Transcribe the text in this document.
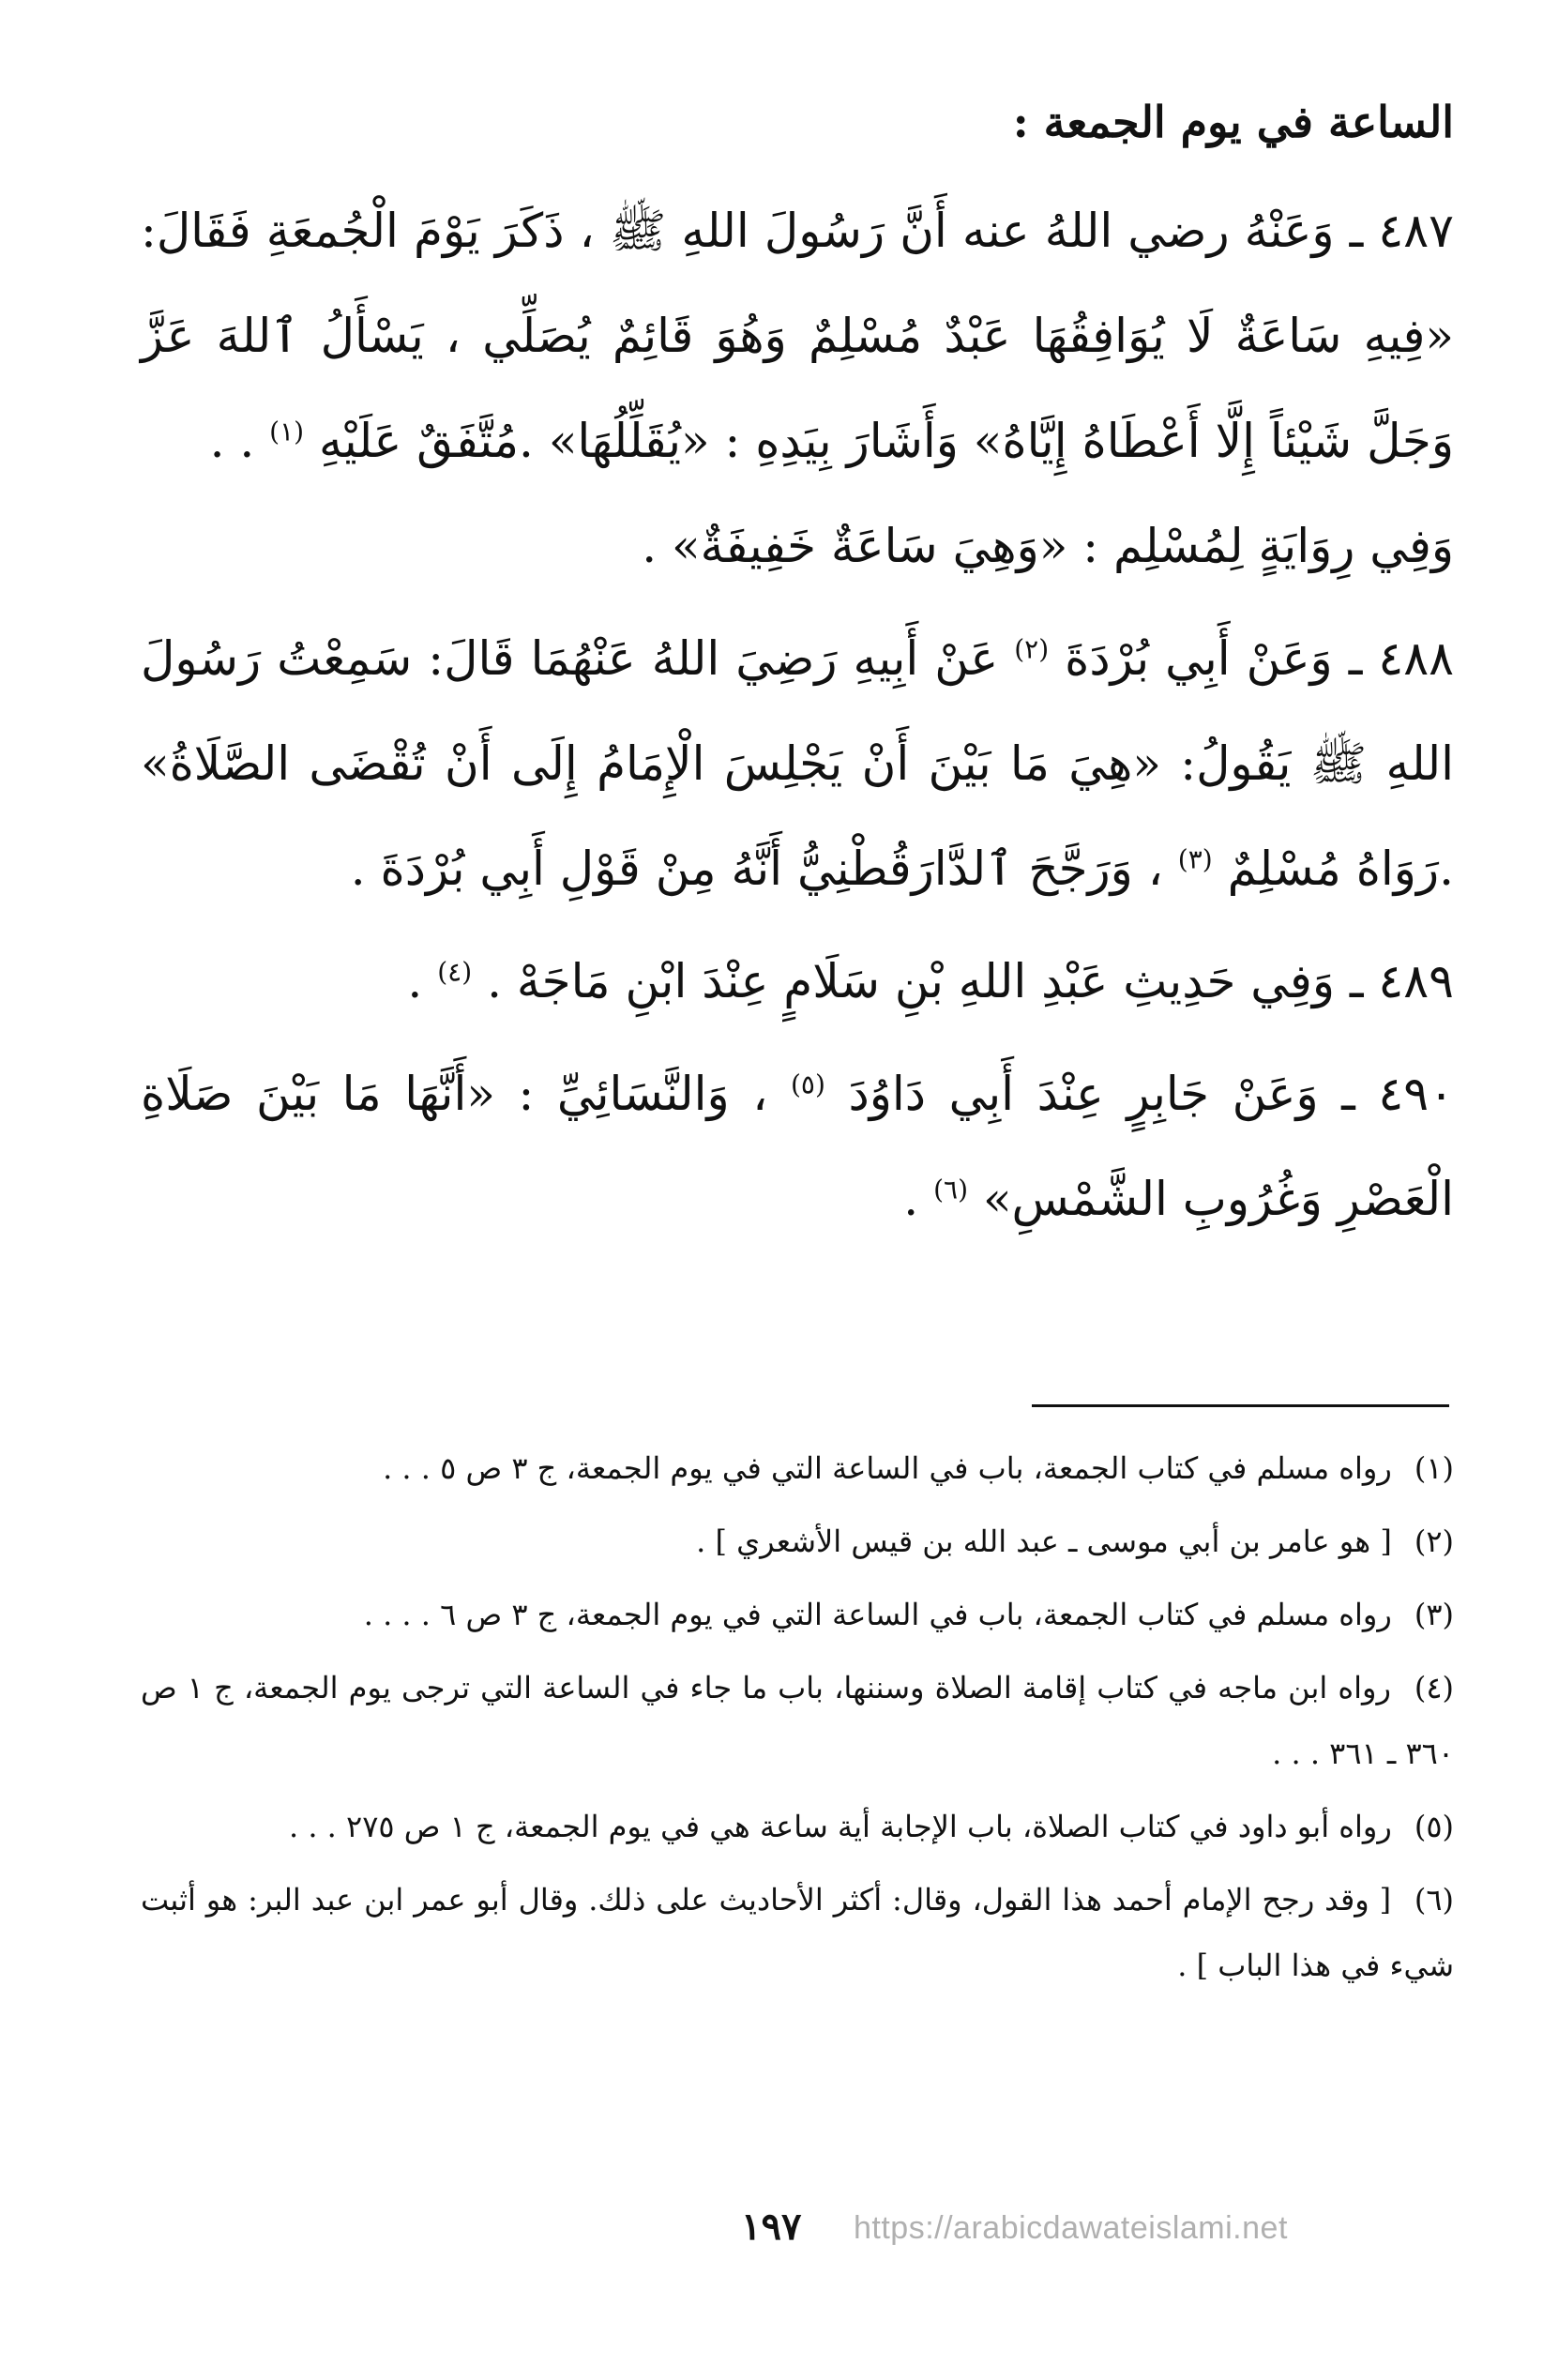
الساعة في يوم الجمعة :

٤٨٧ ـ وَعَنْهُ رضي اللهُ عنه أَنَّ رَسُولَ اللهِ ﷺ ، ذَكَرَ يَوْمَ الْجُمعَةِ فَقَالَ: «فِيهِ سَاعَةٌ لَا يُوَافِقُهَا عَبْدٌ مُسْلِمٌ وَهُوَ قَائِمٌ يُصَلِّي ، يَسْأَلُ ٱللهَ عَزَّ وَجَلَّ شَيْئاً إِلَّا أَعْطَاهُ إِيَّاهُ» وَأَشَارَ بِيَدِهِ : «يُقَلِّلُهَا» .مُتَّفَقٌ عَلَيْهِ $^{(١)}$ . .

وَفِي رِوَايَةٍ لِمُسْلِم : «وَهِيَ سَاعَةٌ خَفِيفَةٌ» .

٤٨٨ ـ وَعَنْ أَبِي بُرْدَةَ $^{(٢)}$ عَنْ أَبِيهِ رَضِيَ اللهُ عَنْهُمَا قَالَ: سَمِعْتُ رَسُولَ اللهِ ﷺ يَقُولُ: «هِيَ مَا بَيْنَ أَنْ يَجْلِسَ الْإِمَامُ إِلَى أَنْ تُقْضَى الصَّلَاةُ» .رَوَاهُ مُسْلِمٌ $^{(٣)}$ ، وَرَجَّحَ ٱلدَّارَقُطْنِيُّ أَنَّهُ مِنْ قَوْلِ أَبِي بُرْدَةَ .

٤٨٩ ـ وَفِي حَدِيثِ عَبْدِ اللهِ بْنِ سَلَامٍ عِنْدَ ابْنِ مَاجَهْ . $^{(٤)}$ .

٤٩٠ ـ وَعَنْ جَابِرٍ عِنْدَ أَبِي دَاوُدَ $^{(٥)}$ ، وَالنَّسَائِيِّ : «أَنَّهَا مَا بَيْنَ صَلَاةِ الْعَصْرِ وَغُرُوبِ الشَّمْسِ» $^{(٦)}$ .

(١) رواه مسلم في كتاب الجمعة، باب في الساعة التي في يوم الجمعة، ج ٣ ص ٥ . . .

(٢) [ هو عامر بن أبي موسى ـ عبد الله بن قيس الأشعري ] .

(٣) رواه مسلم في كتاب الجمعة، باب في الساعة التي في يوم الجمعة، ج ٣ ص ٦ . . . .

(٤) رواه ابن ماجه في كتاب إقامة الصلاة وسننها، باب ما جاء في الساعة التي ترجى يوم الجمعة، ج ١ ص ٣٦٠ ـ ٣٦١ . . .

(٥) رواه أبو داود في كتاب الصلاة، باب الإجابة أية ساعة هي في يوم الجمعة، ج ١ ص ٢٧٥ . . .

(٦) [ وقد رجح الإمام أحمد هذا القول، وقال: أكثر الأحاديث على ذلك. وقال أبو عمر ابن عبد البر: هو أثبت شيء في هذا الباب ] .

١٩٧ https://arabicdawateislami.net
